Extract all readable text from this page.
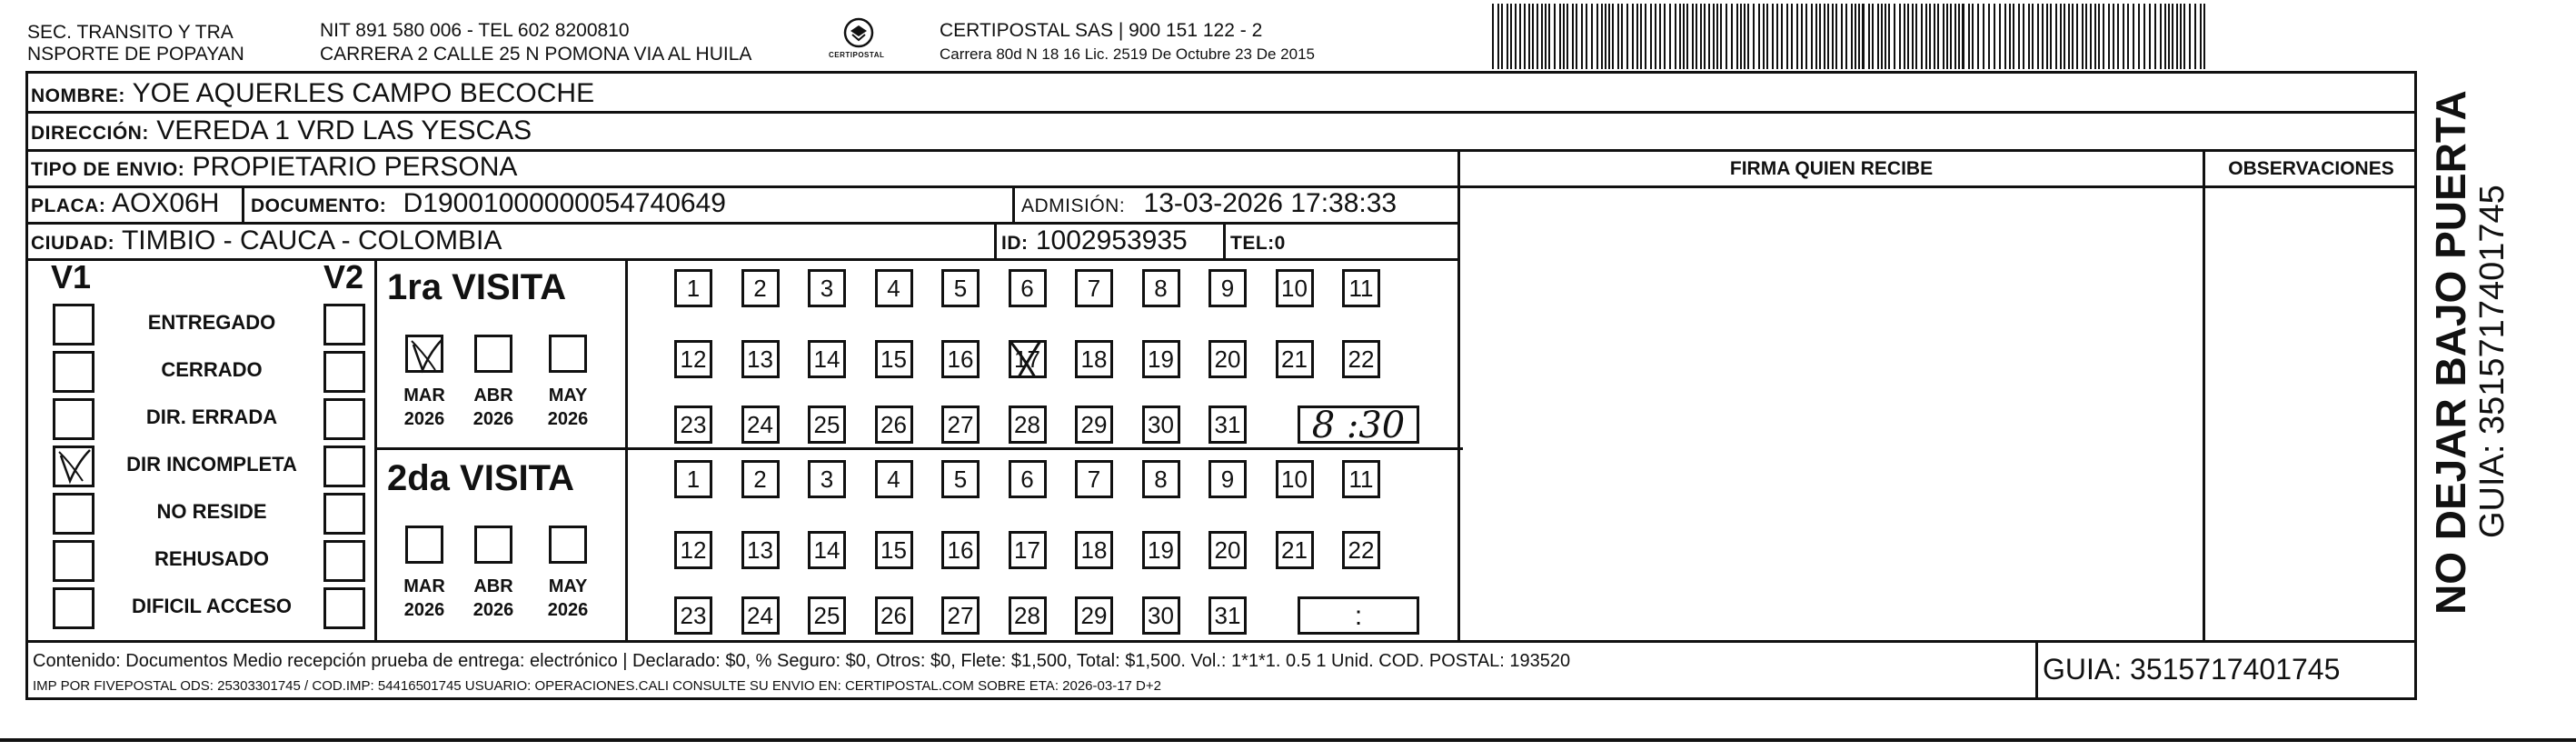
SEC. TRANSITO Y TRA
NSPORTE DE POPAYAN
NIT 891 580 006 - TEL 602 8200810
CARRERA 2 CALLE 25 N POMONA VIA AL HUILA	CERTIPOSTAL
CERTIPOSTAL SAS | 900 151 122 - 2
Carrera 80d N 18 16 Lic. 2519 De Octubre 23 De 2015
NOMBRE: YOE AQUERLES CAMPO BECOCHE
DIRECCIÓN: VEREDA 1 VRD LAS YESCAS
TIPO DE ENVIO: PROPIETARIO PERSONA
PLACA: AOX06H DOCUMENTO: D19001000000054740649	ADMISIÓN: 13-03-2026 17:38:33
CIUDAD: TIMBIO - CAUCA - COLOMBIA	ID: 1002953935 TEL:0
FIRMA QUIEN RECIBE	OBSERVACIONES
V1	V2
ENTREGADO
CERRADO
DIR. ERRADA
DIR INCOMPLETA
NO RESIDE
REHUSADO
DIFICIL ACCESO
1ra VISITA
MAR
2026
ABR
2026
MAY
2026
1	2	3	4	5	6	7	8	9	10 11
12 13 14 15 16 17 18 19 20 21 22
23 24 25 26 27 28 29 30 31	8 :30
2da VISITA
MAR
2026
ABR
2026
MAY
2026
1	2	3	4	5	6	7	8	9	10 11
12 13 14 15 16 17 18 19 20 21 22
23 24 25 26 27 28 29 30 31	:
Contenido: Documentos Medio recepción prueba de entrega: electrónico | Declarado: $0, % Seguro: $0, Otros: $0, Flete: $1,500, Total: $1,500. Vol.: 1*1*1. 0.5 1 Unid. COD. POSTAL: 193520
IMP POR FIVEPOSTAL ODS: 25303301745 / COD.IMP: 54416501745 USUARIO: OPERACIONES.CALI CONSULTE SU ENVIO EN: CERTIPOSTAL.COM SOBRE ETA: 2026-03-17 D+2
GUIA: 3515717401745
NO DEJAR BAJO PUERTA GUIA: 3515717401745
